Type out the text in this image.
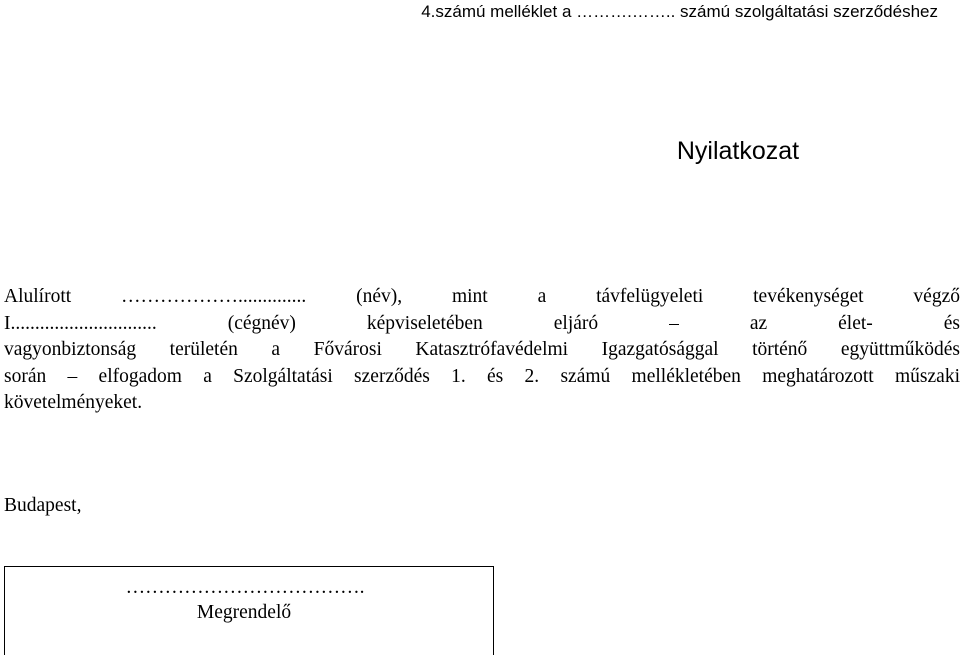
4.számú melléklet a ……….…….. számú szolgáltatási szerződéshez
Nyilatkozat
Alulírott ……………….............. (név), mint a távfelügyeleti tevékenységet végző
I.............................. (cégnév) képviseletében eljáró – az élet- és
vagyonbiztonság területén a Fővárosi Katasztrófavédelmi Igazgatósággal történő együttműködés
során – elfogadom a Szolgáltatási szerződés 1. és 2. számú mellékletében meghatározott műszaki
követelményeket.
Budapest,
……………………………….
Megrendelő
